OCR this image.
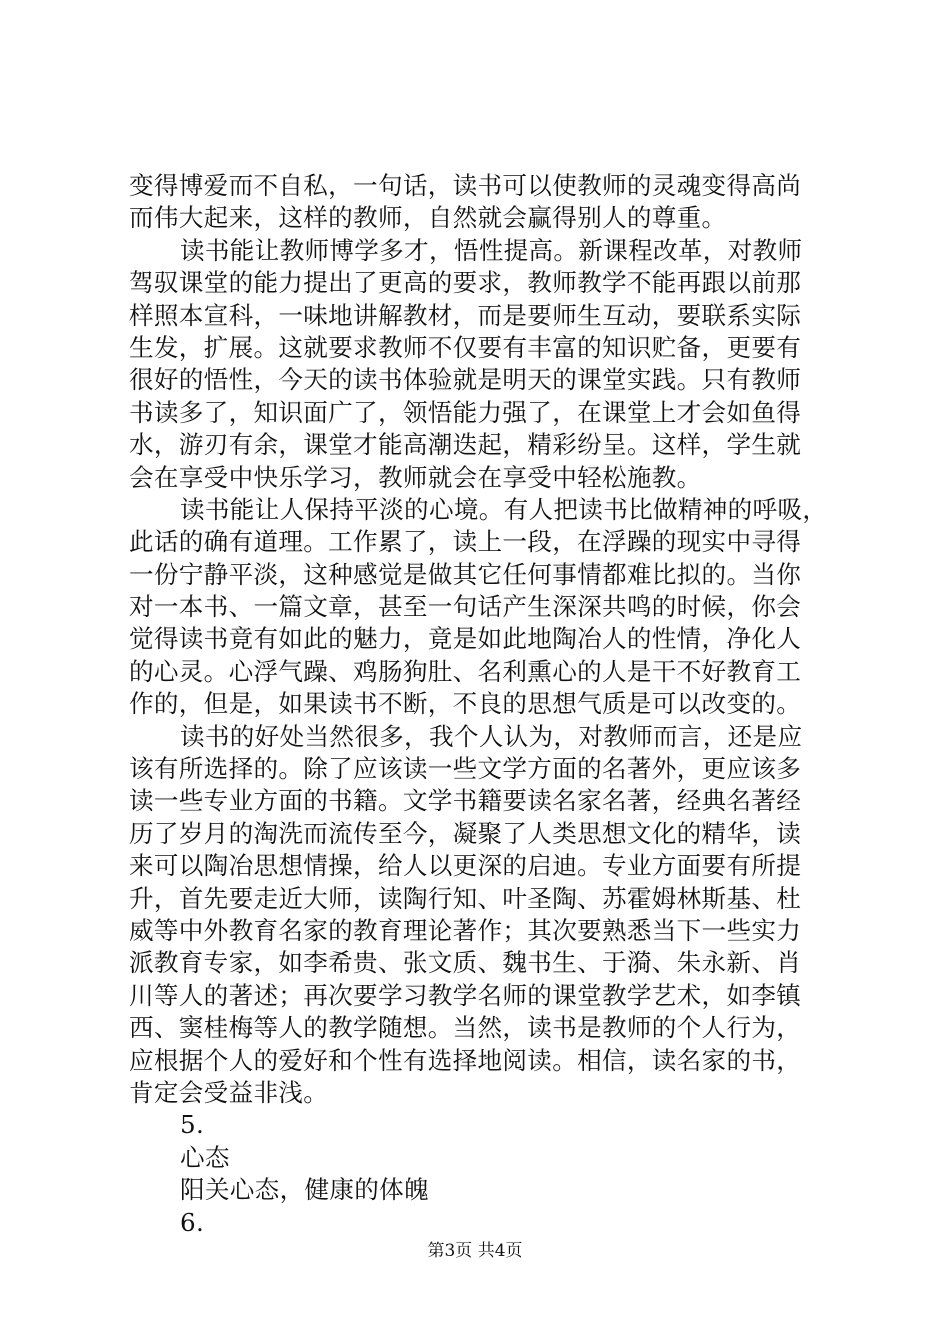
变得博爱而不自私，一句话，读书可以使教师的灵魂变得高尚
而伟大起来，这样的教师，自然就会赢得别人的尊重。
读书能让教师博学多才，悟性提高。新课程改革，对教师
驾驭课堂的能力提出了更高的要求，教师教学不能再跟以前那
样照本宣科，一味地讲解教材，而是要师生互动，要联系实际
生发，扩展。这就要求教师不仅要有丰富的知识贮备，更要有
很好的悟性，今天的读书体验就是明天的课堂实践。只有教师
书读多了，知识面广了，领悟能力强了，在课堂上才会如鱼得
水，游刃有余，课堂才能高潮迭起，精彩纷呈。这样，学生就
会在享受中快乐学习，教师就会在享受中轻松施教。
读书能让人保持平淡的心境。有人把读书比做精神的呼吸，
此话的确有道理。工作累了，读上一段，在浮躁的现实中寻得
一份宁静平淡，这种感觉是做其它任何事情都难比拟的。当你
对一本书、一篇文章，甚至一句话产生深深共鸣的时候，你会
觉得读书竟有如此的魅力，竟是如此地陶冶人的性情，净化人
的心灵。心浮气躁、鸡肠狗肚、名利熏心的人是干不好教育工
作的，但是，如果读书不断，不良的思想气质是可以改变的。
读书的好处当然很多，我个人认为，对教师而言，还是应
该有所选择的。除了应该读一些文学方面的名著外，更应该多
读一些专业方面的书籍。文学书籍要读名家名著，经典名著经
历了岁月的淘洗而流传至今，凝聚了人类思想文化的精华，读
来可以陶冶思想情操，给人以更深的启迪。专业方面要有所提
升，首先要走近大师，读陶行知、叶圣陶、苏霍姆林斯基、杜
威等中外教育名家的教育理论著作；其次要熟悉当下一些实力
派教育专家，如李希贵、张文质、魏书生、于漪、朱永新、肖
川等人的著述；再次要学习教学名师的课堂教学艺术，如李镇
西、窦桂梅等人的教学随想。当然，读书是教师的个人行为，
应根据个人的爱好和个性有选择地阅读。相信，读名家的书，
肯定会受益非浅。
5.
心态
阳关心态，健康的体魄
6.
第3页 共4页
